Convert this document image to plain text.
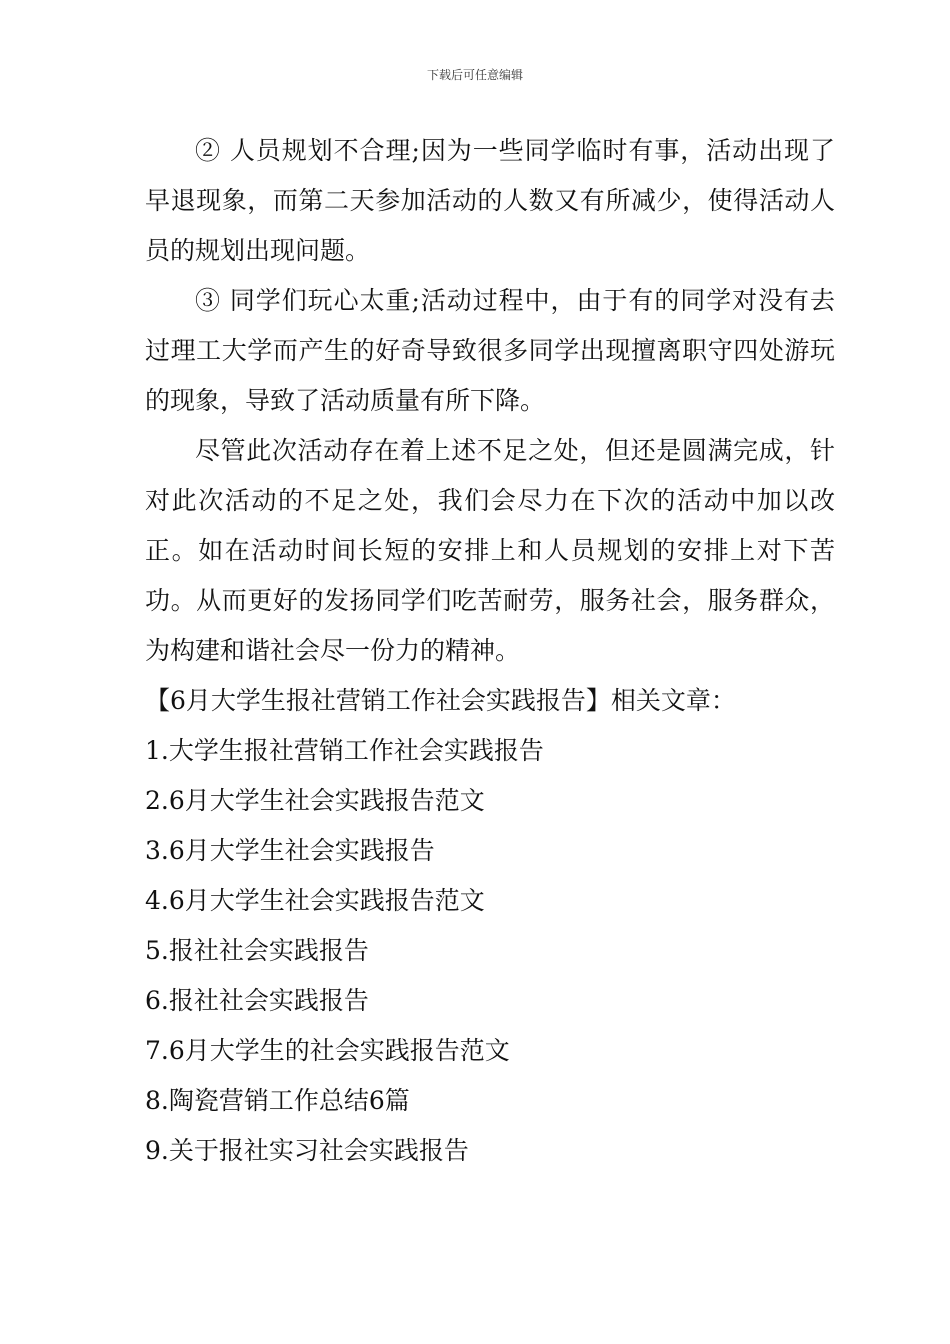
下载后可任意编辑

② 人员规划不合理;因为一些同学临时有事，活动出现了早退现象，而第二天参加活动的人数又有所减少，使得活动人员的规划出现问题。

③ 同学们玩心太重;活动过程中，由于有的同学对没有去过理工大学而产生的好奇导致很多同学出现擅离职守四处游玩的现象，导致了活动质量有所下降。

尽管此次活动存在着上述不足之处，但还是圆满完成，针对此次活动的不足之处，我们会尽力在下次的活动中加以改正。如在活动时间长短的安排上和人员规划的安排上对下苦功。从而更好的发扬同学们吃苦耐劳，服务社会，服务群众，为构建和谐社会尽一份力的精神。

【6月大学生报社营销工作社会实践报告】相关文章：

1.大学生报社营销工作社会实践报告
2.6月大学生社会实践报告范文
3.6月大学生社会实践报告
4.6月大学生社会实践报告范文
5.报社社会实践报告
6.报社社会实践报告
7.6月大学生的社会实践报告范文
8.陶瓷营销工作总结6篇
9.关于报社实习社会实践报告
